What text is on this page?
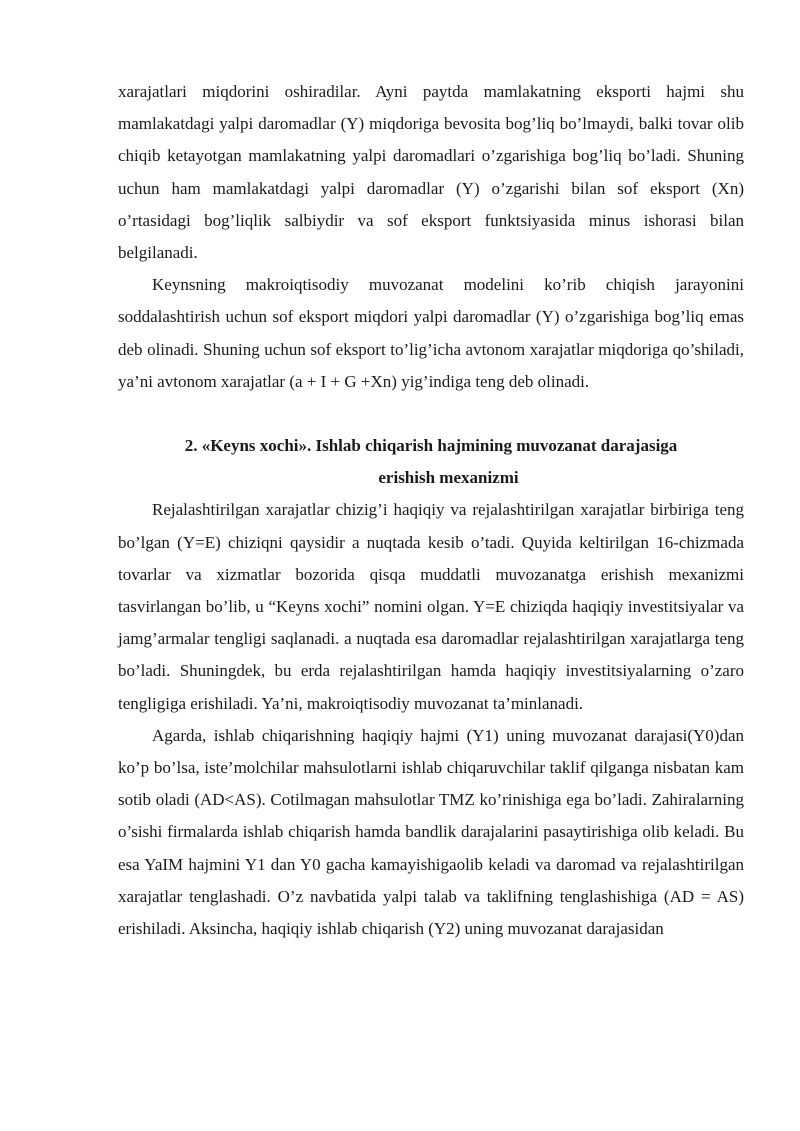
xarajatlari miqdorini oshiradilar. Ayni paytda mamlakatning eksporti hajmi shu mamlakatdagi yalpi daromadlar (Y) miqdoriga bevosita bog’liq bo’lmaydi, balki tovar olib chiqib ketayotgan mamlakatning yalpi daromadlari o’zgarishiga bog’liq bo’ladi. Shuning uchun ham mamlakatdagi yalpi daromadlar (Y) o’zgarishi bilan sof eksport (Xn) o’rtasidagi bog’liqlik salbiydir va sof eksport funktsiyasida minus ishorasi bilan belgilanadi.

Keynsning makroiqtisodiy muvozanat modelini ko’rib chiqish jarayonini soddalashtirish uchun sof eksport miqdori yalpi daromadlar (Y) o’zgarishiga bog’liq emas deb olinadi. Shuning uchun sof eksport to’lig’icha avtonom xarajatlar miqdoriga qo’shiladi, ya’ni avtonom xarajatlar (a + I + G +Xn) yig’indiga teng deb olinadi.

2. «Keyns xochi». Ishlab chiqarish hajmining muvozanat darajasiga

erishish mexanizmi

Rejalashtirilgan xarajatlar chizig’i haqiqiy va rejalashtirilgan xarajatlar birbiriga teng bo’lgan (Y=E) chiziqni qaysidir a nuqtada kesib o’tadi. Quyida keltirilgan 16-chizmada tovarlar va xizmatlar bozorida qisqa muddatli muvozanatga erishish mexanizmi tasvirlangan bo’lib, u “Keyns xochi” nomini olgan. Y=E chiziqda haqiqiy investitsiyalar va jamg’armalar tengligi saqlanadi. a nuqtada esa daromadlar rejalashtirilgan xarajatlarga teng bo’ladi. Shuningdek, bu erda rejalashtirilgan hamda haqiqiy investitsiyalarning o’zaro tengligiga erishiladi. Ya’ni, makroiqtisodiy muvozanat ta’minlanadi.

Agarda, ishlab chiqarishning haqiqiy hajmi (Y1) uning muvozanat darajasi(Y0)dan ko’p bo’lsa, iste’molchilar mahsulotlarni ishlab chiqaruvchilar taklif qilganga nisbatan kam sotib oladi (AD<AS). Cotilmagan mahsulotlar TMZ ko’rinishiga ega bo’ladi. Zahiralarning o’sishi firmalarda ishlab chiqarish hamda bandlik darajalarini pasaytirishiga olib keladi. Bu esa YaIM hajmini Y1 dan Y0 gacha kamayishigaolib keladi va daromad va rejalashtirilgan xarajatlar tenglashadi. O’z navbatida yalpi talab va taklifning tenglashishiga (AD = AS) erishiladi. Aksincha, haqiqiy ishlab chiqarish (Y2) uning muvozanat darajasidan
